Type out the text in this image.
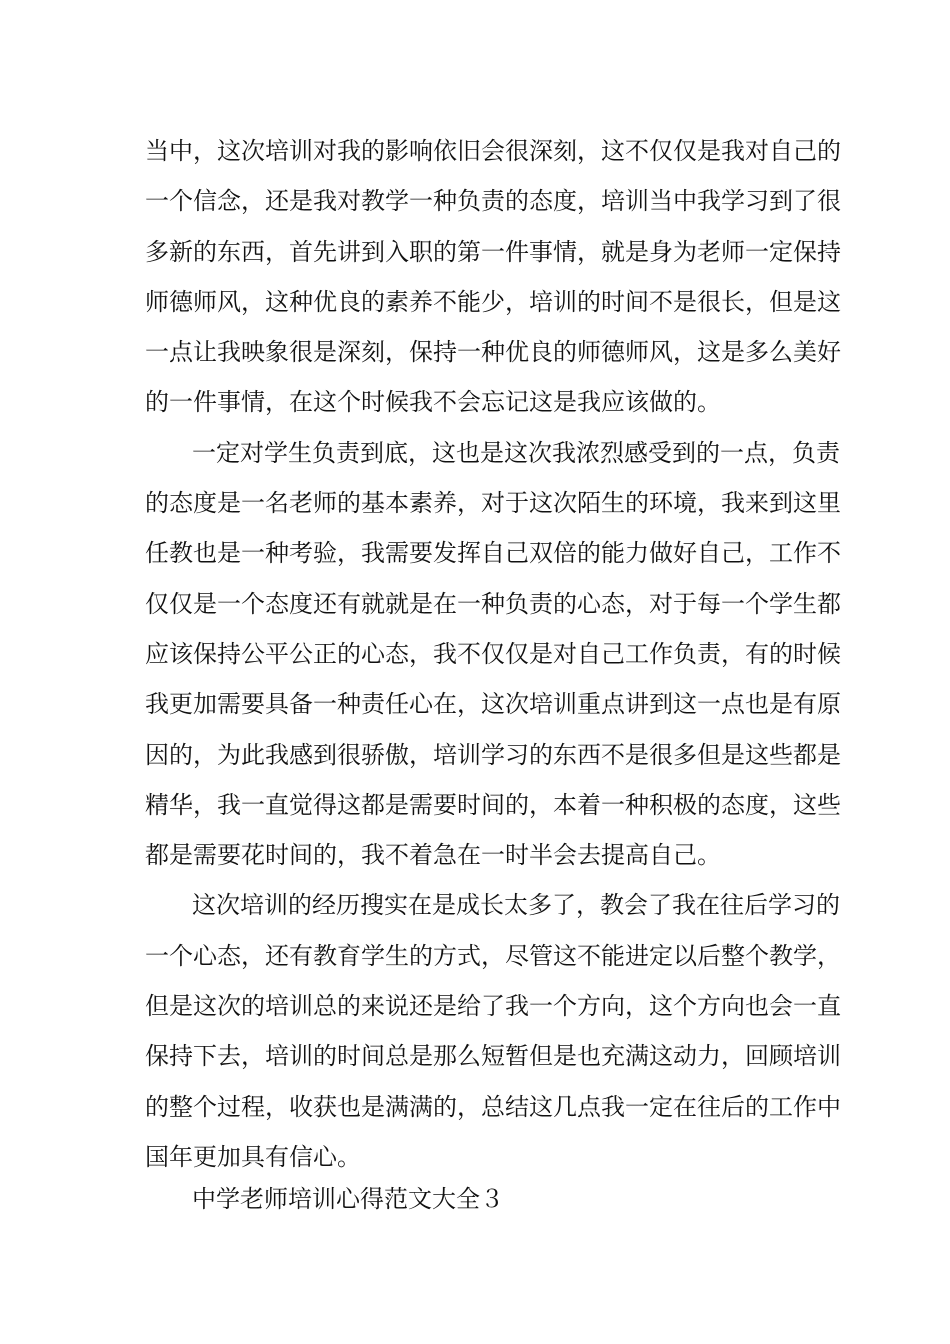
当中，这次培训对我的影响依旧会很深刻，这不仅仅是我对自己的
一个信念，还是我对教学一种负责的态度，培训当中我学习到了很
多新的东西，首先讲到入职的第一件事情，就是身为老师一定保持
师德师风，这种优良的素养不能少，培训的时间不是很长，但是这
一点让我映象很是深刻，保持一种优良的师德师风，这是多么美好
的一件事情，在这个时候我不会忘记这是我应该做的。
一定对学生负责到底，这也是这次我浓烈感受到的一点，负责
的态度是一名老师的基本素养，对于这次陌生的环境，我来到这里
任教也是一种考验，我需要发挥自己双倍的能力做好自己，工作不
仅仅是一个态度还有就就是在一种负责的心态，对于每一个学生都
应该保持公平公正的心态，我不仅仅是对自己工作负责，有的时候
我更加需要具备一种责任心在，这次培训重点讲到这一点也是有原
因的，为此我感到很骄傲，培训学习的东西不是很多但是这些都是
精华，我一直觉得这都是需要时间的，本着一种积极的态度，这些
都是需要花时间的，我不着急在一时半会去提高自己。
这次培训的经历搜实在是成长太多了，教会了我在往后学习的
一个心态，还有教育学生的方式，尽管这不能进定以后整个教学，
但是这次的培训总的来说还是给了我一个方向，这个方向也会一直
保持下去，培训的时间总是那么短暂但是也充满这动力，回顾培训
的整个过程，收获也是满满的，总结这几点我一定在往后的工作中
国年更加具有信心。
中学老师培训心得范文大全３
